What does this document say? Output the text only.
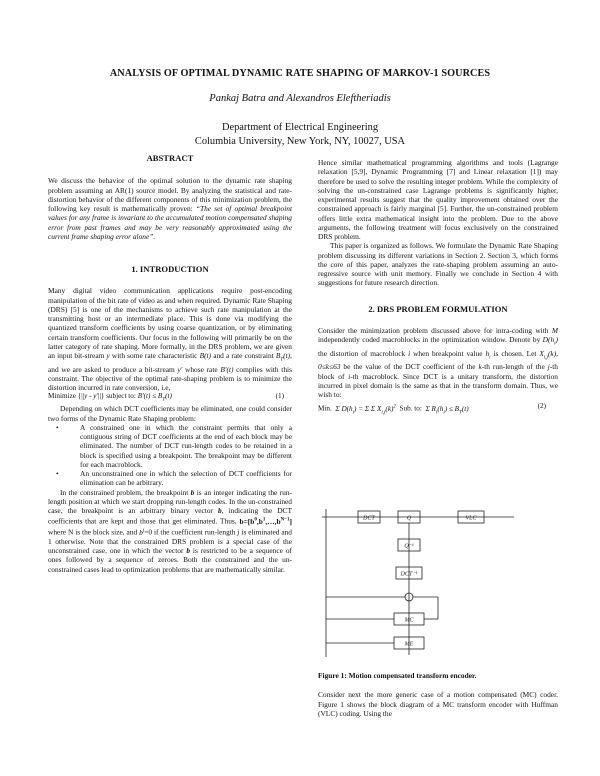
ANALYSIS OF OPTIMAL DYNAMIC RATE SHAPING OF MARKOV-1 SOURCES
Pankaj Batra and Alexandros Eleftheriadis
Department of Electrical Engineering
Columbia University, New York, NY, 10027, USA

ABSTRACT

We discuss the behavior of the optimal solution to the dynamic rate shaping problem assuming an AR(1) source model. By analyzing the statistical and rate-distortion behavior of the different components of this minimization problem, the following key result is mathematically proven: “The set of optimal breakpoint values for any frame is invariant to the accumulated motion compensated shaping error from past frames and may be very reasonably approximated using the current frame shaping error alone”.

1. INTRODUCTION

Many digital video communication applications require post-encoding manipulation of the bit rate of video as and when required. Dynamic Rate Shaping (DRS) [5] is one of the mechanisms to achieve such rate manipulation at the transmitting host or an intermediate place. This is done via modifying the quantized transform coefficients by using coarse quantization, or by eliminating certain transform coefficients. Our focus in the following will primarily be on the latter category of rate shaping. More formally, in the DRS problem, we are given an input bit-stream y with some rate characteristic B(t) and a rate constraint $B_T(t)$, and we are asked to produce a bit-stream y' whose rate B'(t) complies with this constraint. The objective of the optimal rate-shaping problem is to minimize the distortion incurred in rate conversion, i.e,

Minimize {||y - y'||} subject to: $B'(t) \le B_T(t)$	(1)

Depending on which DCT coefficients may be eliminated, one could consider two forms of the Dynamic Rate Shaping problem:

•	A constrained one in which the constraint permits that only a contiguous string of DCT coefficients at the end of each block may be eliminated. The number of DCT run-length codes to be retained in a block is specified using a breakpoint. The breakpoint may be different for each macroblock.

•	An unconstrained one in which the selection of DCT coefficients for elimination can be arbitrary.

In the constrained problem, the breakpoint b is an integer indicating the run-length position at which we start dropping run-length codes. In the un-constrained case, the breakpoint is an arbitrary binary vector b, indicating the DCT coefficients that are kept and those that get eliminated. Thus, $b=[b^0,b^1,\dots,b^{N-1}]$ where N is the block size, and $b^j=0$ if the coefficient run-length j is eliminated and 1 otherwise. Note that the constrained DRS problem is a special case of the unconstrained case, one in which the vector b is restricted to be a sequence of ones followed by a sequence of zeroes. Both the constrained and the un-constrained cases lead to optimization problems that are mathematically similar.

Hence similar mathematical programming algorithms and tools (Lagrange relaxation [5,9], Dynamic Programming [7] and Linear relaxation [1]) may therefore be used to solve the resulting integer problem. While the complexity of solving the un-constrained case Lagrange problems is significantly higher, experimental results suggest that the quality improvement obtained over the constrained approach is fairly marginal [5]. Further, the un-constrained problem offers little extra mathematical insight into the problem. Due to the above arguments, the following treatment will focus exclusively on the constrained DRS problem.

This paper is organized as follows. We formulate the Dynamic Rate Shaping problem discussing its different variations in Section 2. Section 3, which forms the core of this paper, analyzes the rate-shaping problem assuming an auto-regressive source with unit memory. Finally we conclude in Section 4 with suggestions for future research direction.

2. DRS PROBLEM FORMULATION

Consider the minimization problem discussed above for intra-coding with M independently coded macroblocks in the optimization window. Denote by $D(h_i)$ the distortion of macroblock i when breakpoint value $h_i$ is chosen. Let $X_{i,j}(k)$, 0≤k≤63 be the value of the DCT coefficient of the k-th run-length of the j-th block of i-th macroblock. Since DCT is a unitary transform, the distortion incurred in pixel domain is the same as that in the transform domain. Thus, we wish to:

Min.  Σ $D(h_i) = \Sigma$ Σ $X_{i,j}(k)^2$ Sub. to:  Σ $R_i(h_i) \le B_T(t)$	(2)
DCT	Q	VLC
Q⁻¹
DCT⁻¹
MC
ME

Figure 1: Motion compensated transform encoder.

Consider next the more generic case of a motion compensated (MC) coder. Figure 1 shows the block diagram of a MC transform encoder with Huffman (VLC) coding. Using the
